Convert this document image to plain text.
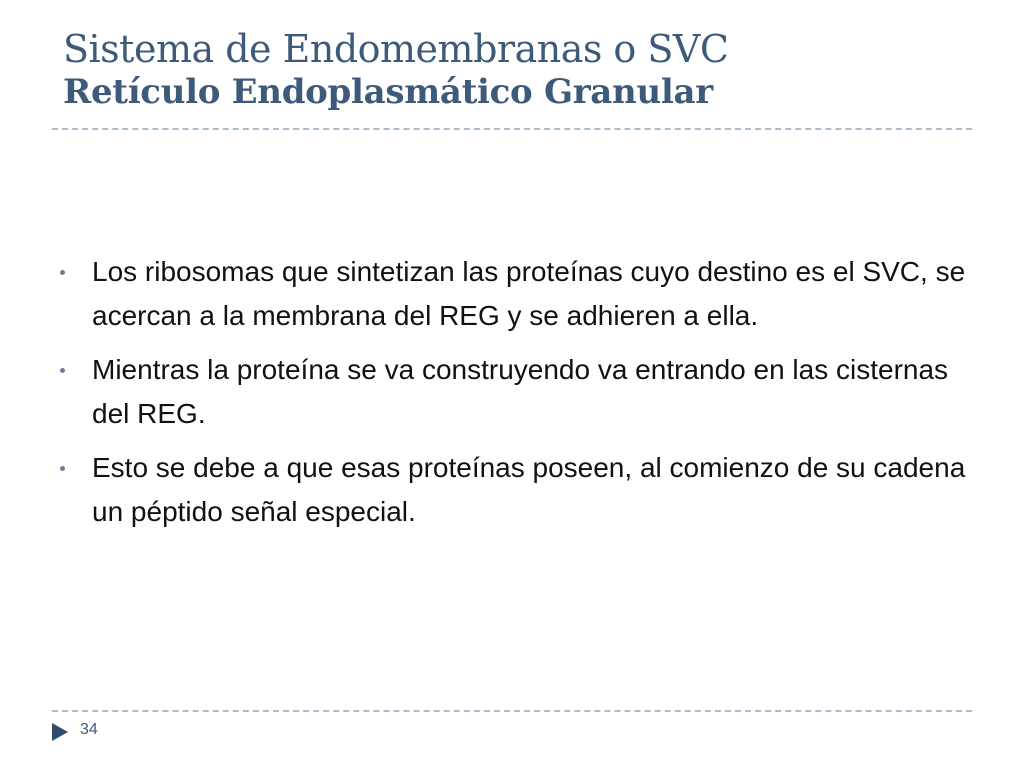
Sistema de Endomembranas o SVC
Retículo Endoplasmático Granular
Los ribosomas que sintetizan las proteínas cuyo destino es el SVC, se acercan a la membrana del REG y se adhieren a ella.
Mientras la proteína se va construyendo va entrando en las cisternas del REG.
Esto se debe a que esas proteínas poseen, al comienzo de su cadena un péptido señal especial.
34
